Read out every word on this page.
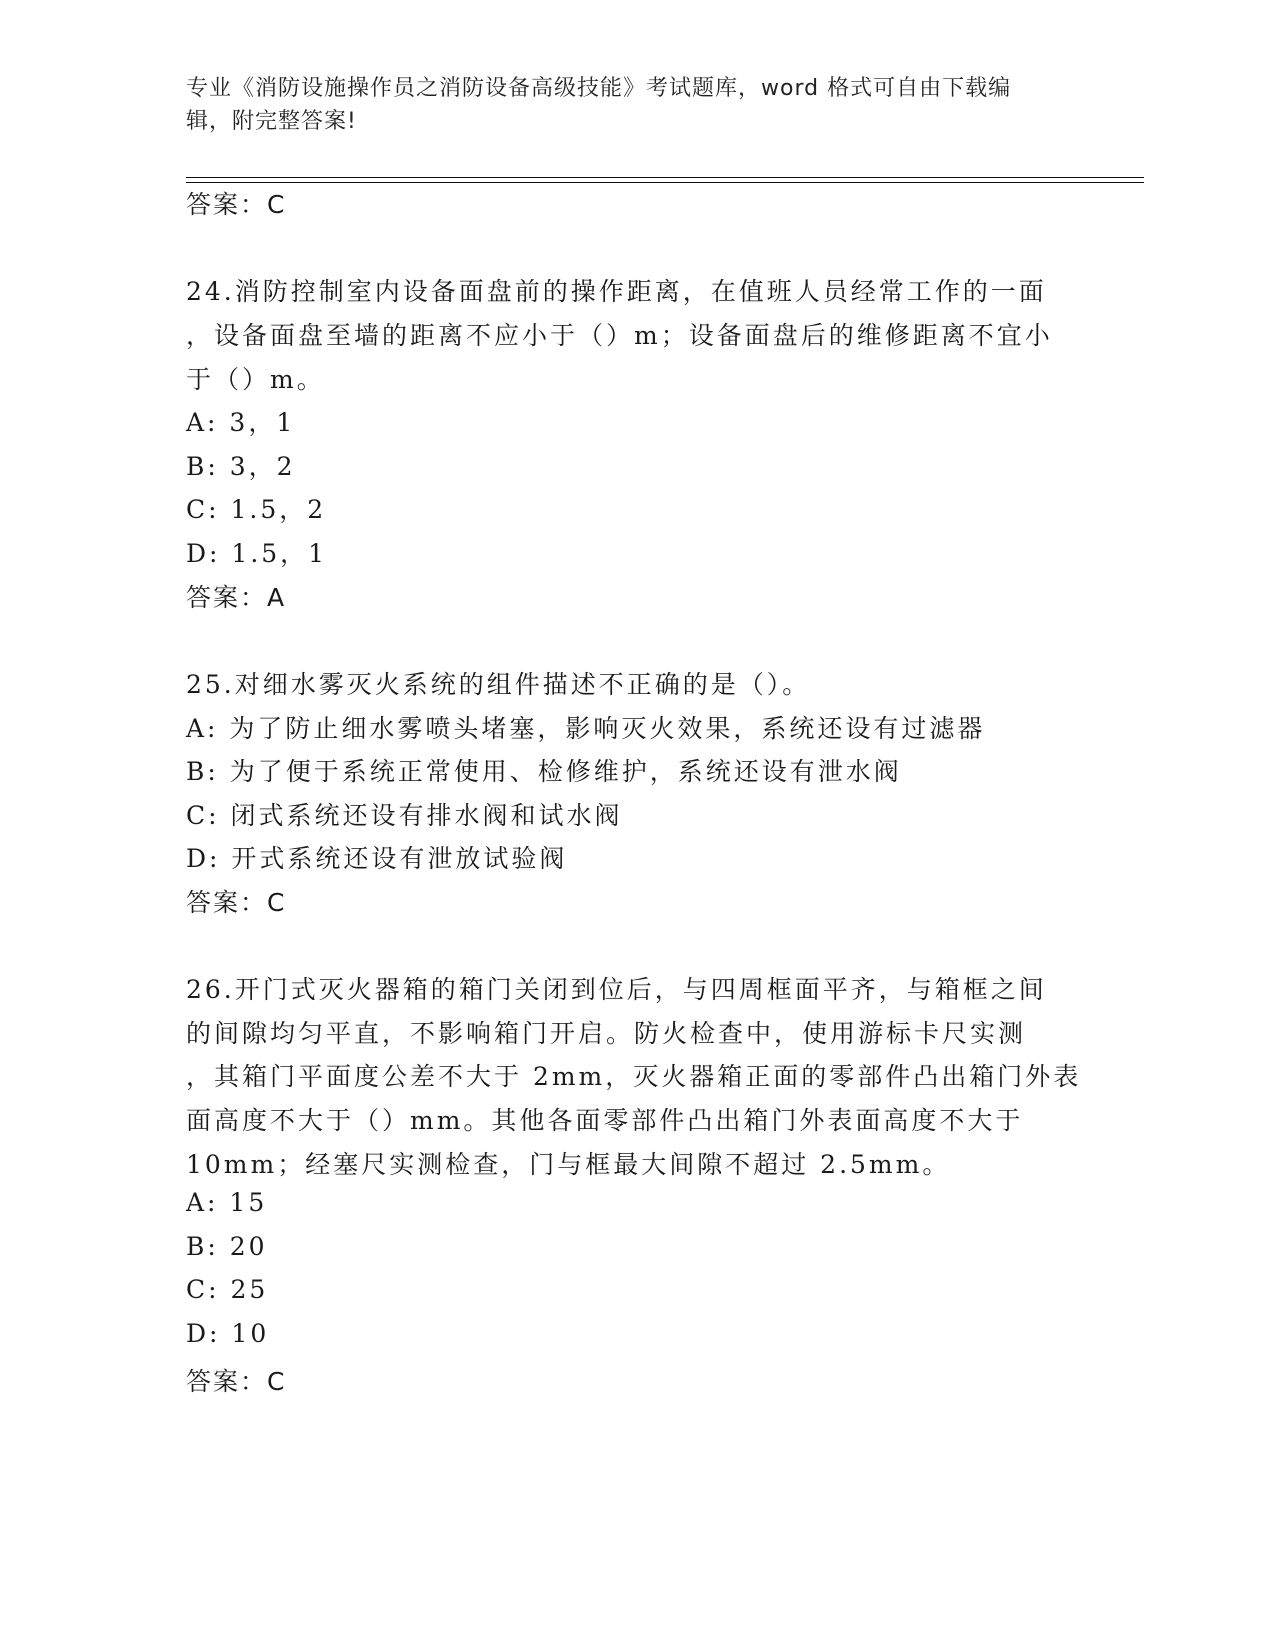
专业《消防设施操作员之消防设备高级技能》考试题库，word 格式可自由下载编
辑，附完整答案!
答案：C
24.消防控制室内设备面盘前的操作距离，在值班人员经常工作的一面
，设备面盘至墙的距离不应小于（）m；设备面盘后的维修距离不宜小
于（）m。
A: 3，1
B: 3，2
C: 1.5，2
D: 1.5，1
答案：A
25.对细水雾灭火系统的组件描述不正确的是（）。
A: 为了防止细水雾喷头堵塞，影响灭火效果，系统还设有过滤器
B: 为了便于系统正常使用、检修维护，系统还设有泄水阀
C: 闭式系统还设有排水阀和试水阀
D: 开式系统还设有泄放试验阀
答案：C
26.开门式灭火器箱的箱门关闭到位后，与四周框面平齐，与箱框之间
的间隙均匀平直，不影响箱门开启。防火检查中，使用游标卡尺实测
，其箱门平面度公差不大于 2mm，灭火器箱正面的零部件凸出箱门外表
面高度不大于（）mm。其他各面零部件凸出箱门外表面高度不大于
10mm；经塞尺实测检查，门与框最大间隙不超过 2.5mm。
A: 15
B: 20
C: 25
D: 10
答案：C
